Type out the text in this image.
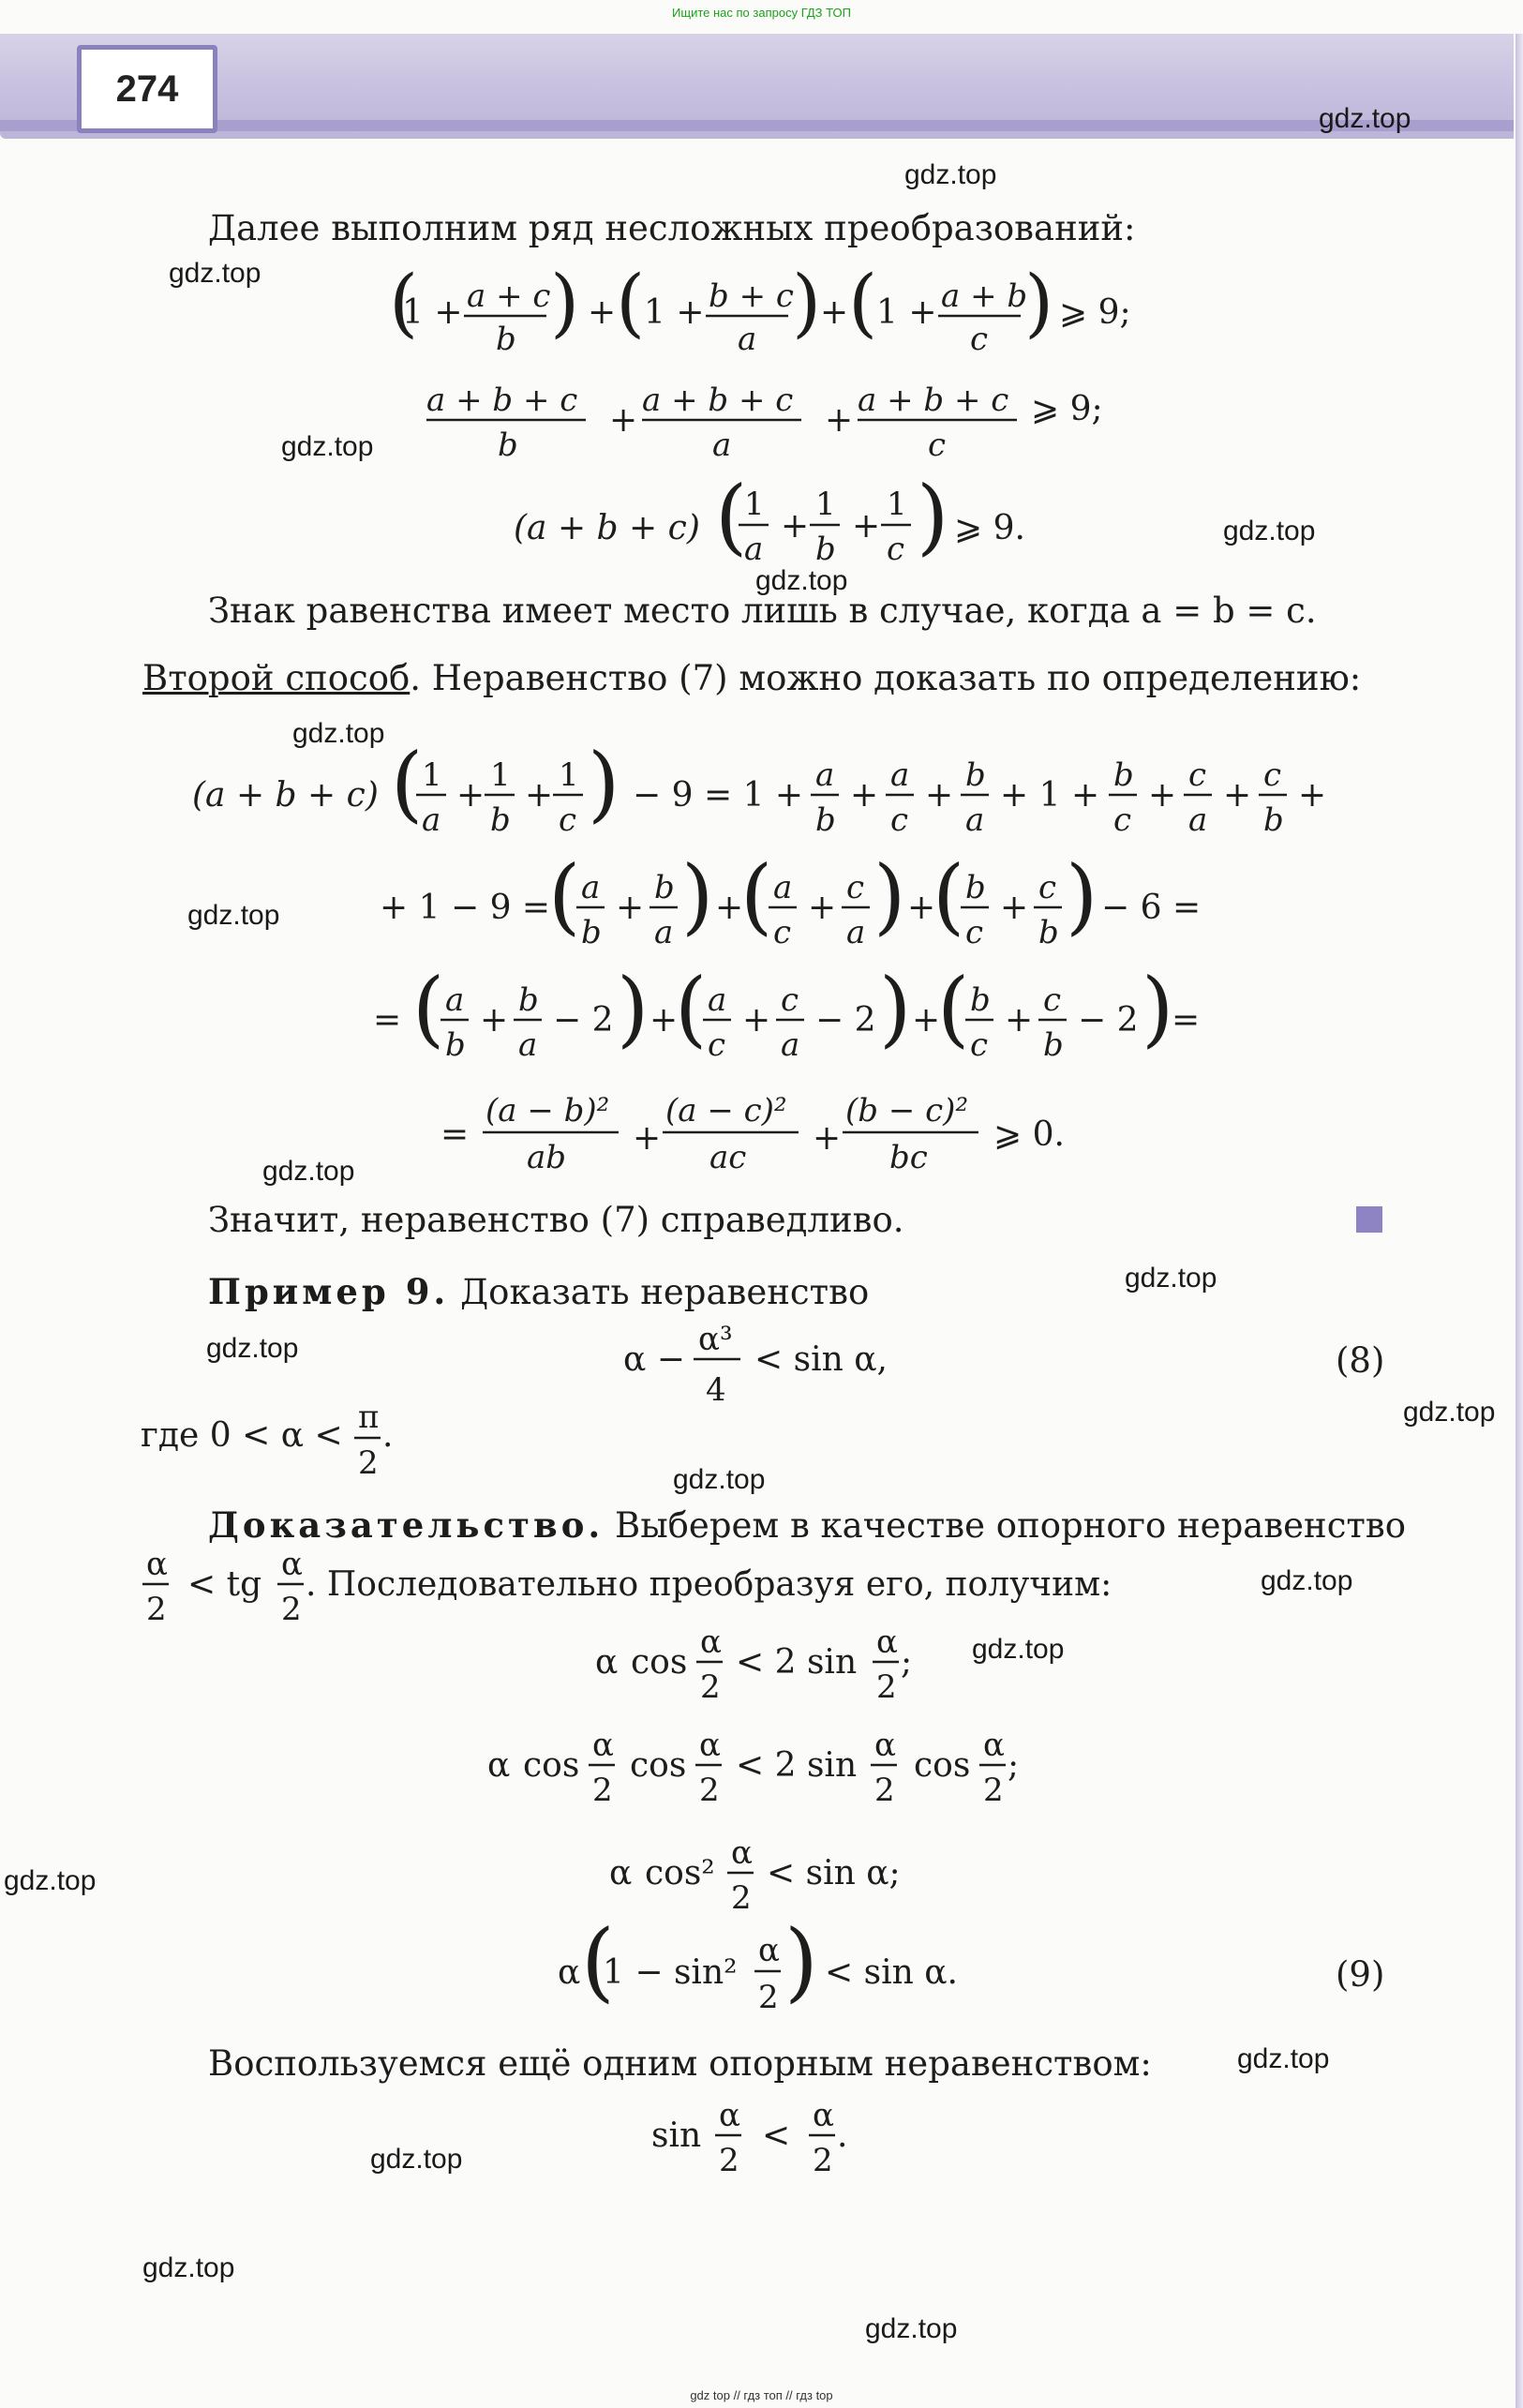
Ищите нас по запросу ГДЗ ТОП
274
gdz.top
gdz.top
gdz.top
gdz.top
gdz.top
gdz.top
gdz.top
gdz.top
gdz.top
gdz.top
gdz.top
gdz.top
gdz.top
gdz.top
gdz.top
gdz.top
gdz.top
gdz.top
gdz.top
gdz.top
Далее выполним ряд несложных преобразований:
(
1 + a + c
b ) + (
1 + b + c
a )
+ (
1 + a + b
c ) ⩾ 9;
a + b + c
b
+
a + b + c
a
+
a + b + c
c
⩾ 9;
(a + b + c) (
1
a
+
1
b
+
1
c ) ⩾ 9.
Знак равенства имеет место лишь в случае, когда a = b = c.
Второй способ. Неравенство (7) можно доказать по определению:
(a + b + c) (
1
a
+
1
b
+
1
c ) − 9 = 1 +
a
b
+
a
c
+
b
a
+ 1 +
b
c
+
c
a
+
c
b
+
+ 1 − 9 =
( a
b
+
b
a ) +
( a
c
+
c
a ) +
( b
c
+
c
b ) − 6 =
= ( a
b
+
b
a
− 2 ) +
( a
c
+
c
a
− 2 ) +
( b
c
+
c
b
− 2 )
=
=
(a − b)²
ab +
(a − c)²
ac +
(b − c)²
bc
⩾ 0.
Значит, неравенство (7) справедливо.
Пример 9. Доказать неравенство
α −
α³
4
< sin α,	(8)
где 0 < α < π
2
.
Доказательство. Выберем в качестве опорного неравенство
α
2
< tg
α
2
. Последовательно преобразуя его, получим:
α cos
α
2
< 2 sin
α
2
;
α cos
α
2
cos
α
2
< 2 sin
α
2
cos
α
2
;
α cos²
α
2
< sin α;
α (
1 − sin²
α
2 ) < sin α.	(9)
Воспользуемся ещё одним опорным неравенством:
sin
α
2
<
α
2
.
gdz top // гдз топ // гдз top
